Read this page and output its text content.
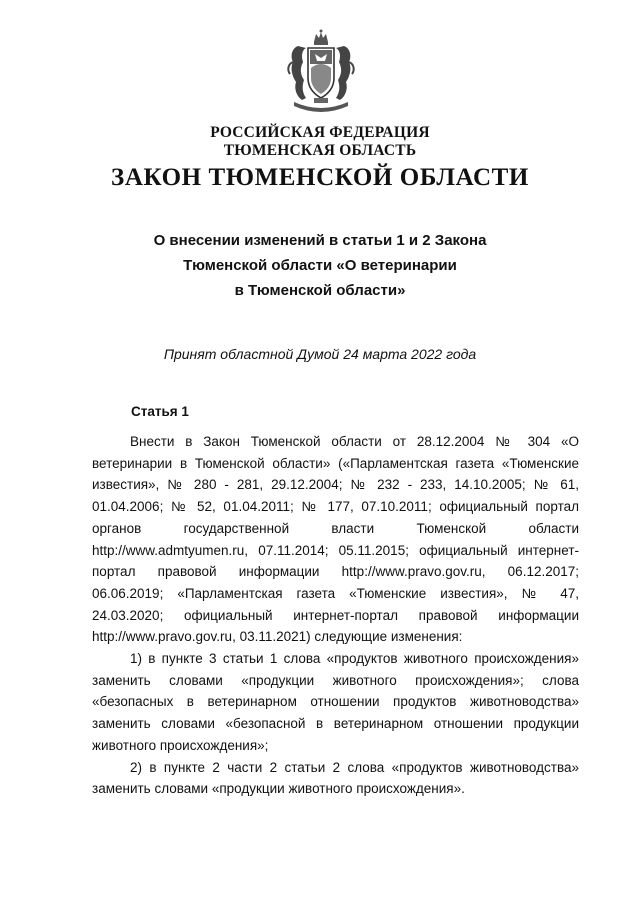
РОССИЙСКАЯ ФЕДЕРАЦИЯ
ТЮМЕНСКАЯ ОБЛАСТЬ
ЗАКОН ТЮМЕНСКОЙ ОБЛАСТИ
О внесении изменений в статьи 1 и 2 Закона
Тюменской области «О ветеринарии
в Тюменской области»
Принят областной Думой 24 марта 2022 года
Статья 1

Внести в Закон Тюменской области от 28.12.2004 № 304 «О ветеринарии в Тюменской области» («Парламентская газета «Тюменские известия», № 280 - 281, 29.12.2004; № 232 - 233, 14.10.2005; № 61, 01.04.2006; № 52, 01.04.2011; № 177, 07.10.2011; официальный портал органов государственной власти Тюменской области http://www.admtyumen.ru, 07.11.2014; 05.11.2015; официальный интернет-портал правовой информации http://www.pravo.gov.ru, 06.12.2017; 06.06.2019; «Парламентская газета «Тюменские известия», № 47, 24.03.2020; официальный интернет-портал правовой информации http://www.pravo.gov.ru, 03.11.2021) следующие изменения:

1) в пункте 3 статьи 1 слова «продуктов животного происхождения» заменить словами «продукции животного происхождения»; слова «безопасных в ветеринарном отношении продуктов животноводства» заменить словами «безопасной в ветеринарном отношении продукции животного происхождения»;

2) в пункте 2 части 2 статьи 2 слова «продуктов животноводства» заменить словами «продукции животного происхождения».
